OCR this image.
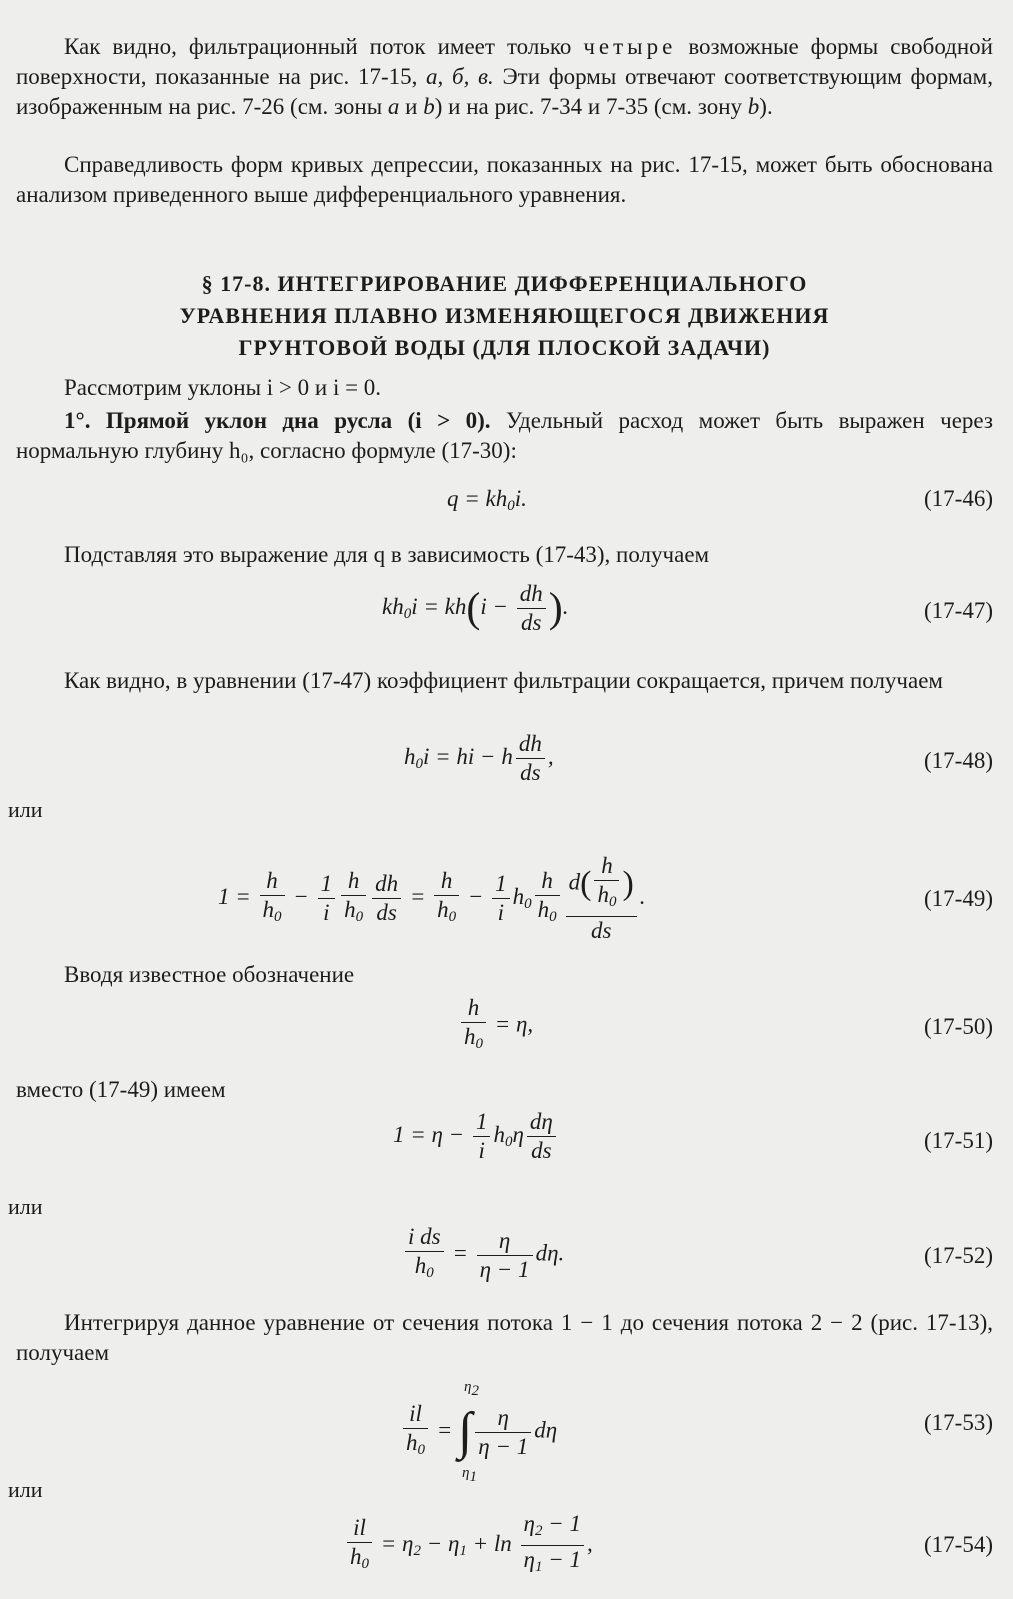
Как видно, фильтрационный поток имеет только четыре возможные формы свободной поверхности, показанные на рис. 17-15, а, б, в. Эти формы отвечают соответствующим формам, изображенным на рис. 7-26 (см. зоны a и b) и на рис. 7-34 и 7-35 (см. зону b).

Справедливость форм кривых депрессии, показанных на рис. 17-15, может быть обоснована анализом приведенного выше дифференциального уравнения.

§ 17-8. ИНТЕГРИРОВАНИЕ ДИФФЕРЕНЦИАЛЬНОГО

УРАВНЕНИЯ ПЛАВНО ИЗМЕНЯЮЩЕГОСЯ ДВИЖЕНИЯ

ГРУНТОВОЙ ВОДЫ (ДЛЯ ПЛОСКОЙ ЗАДАЧИ)

Рассмотрим уклоны i > 0 и i = 0.

1°. Прямой уклон дна русла (i > 0). Удельный расход может быть выражен через нормальную глубину h₀, согласно формуле (17-30):

$q = kh_0i$.	(17-46)

Подставляя это выражение для q в зависимость (17-43), получаем

$kh_0i = kh(i - \frac{dh}{ds}$ ).	(17-47)

Как видно, в уравнении (17-47) коэффициент фильтрации сокращается, причем получаем

$h_0i$ = hi − h $\frac{dh}{ds}$ ,	(17-48)
или
$1 = \frac{h}{h_0} - \frac{1}{i} \frac{h}{h_0} \frac{dh}{ds} = \frac{h}{h_0} - \frac{1}{i} h_0 \frac{h}{h_0} \frac{d( \frac{h}{h_0} )}{ds}$ .	(17-49)

Вводя известное обозначение

$\frac{h}{h_0} = \eta$,	(17-50)

вместо (17-49) имеем

$1 = \eta - \frac{1}{i} h_0\eta \frac{d\eta}{ds}$	(17-51)
или
$\frac{\text{i ds}}{h_0} = \frac{\eta}{\eta - 1} d\eta$.	(17-52)

Интегрируя данное уравнение от сечения потока 1 − 1 до сечения потока 2 − 2 (рис. 17-13), получаем

$\frac{il}{h_0}$ = ∫ $\frac{\eta}{\eta - 1}$ dη
$\eta_2$
$\eta_1$
(17-53)
или
$\frac{il}{h_0} = \eta_2 - \eta_1 + \ln \frac{\eta_2 - 1}{\eta_1 - 1}$ ,	(17-54)
